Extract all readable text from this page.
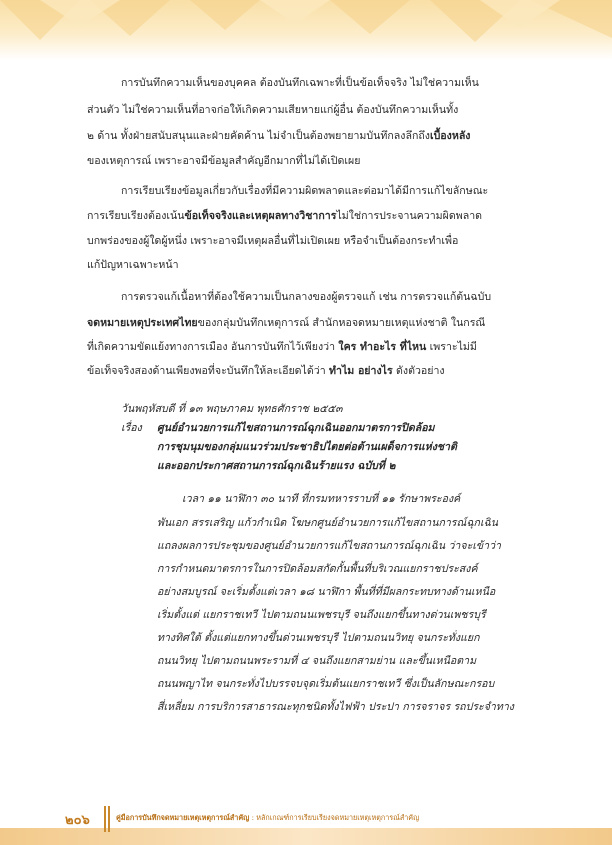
การบันทึกความเห็นของบุคคล ต้องบันทึกเฉพาะที่เป็นข้อเท็จจริง ไม่ใช่ความเห็น
ส่วนตัว ไม่ใช่ความเห็นที่อาจก่อให้เกิดความเสียหายแก่ผู้อื่น ต้องบันทึกความเห็นทั้ง
๒ ด้าน ทั้งฝ่ายสนับสนุนและฝ่ายคัดค้าน ไม่จำเป็นต้องพยายามบันทึกลงลึกถึงเบื้องหลัง
ของเหตุการณ์ เพราะอาจมีข้อมูลสำคัญอีกมากที่ไม่ได้เปิดเผย
การเรียบเรียงข้อมูลเกี่ยวกับเรื่องที่มีความผิดพลาดและต่อมาได้มีการแก้ไขลักษณะ
การเรียบเรียงต้องเน้นข้อเท็จจริงและเหตุผลทางวิชาการไม่ใช่การประจานความผิดพลาด
บกพร่องของผู้ใดผู้หนึ่ง เพราะอาจมีเหตุผลอื่นที่ไม่เปิดเผย หรือจำเป็นต้องกระทำเพื่อ
แก้ปัญหาเฉพาะหน้า
การตรวจแก้เนื้อหาที่ต้องใช้ความเป็นกลางของผู้ตรวจแก้ เช่น การตรวจแก้ต้นฉบับ
จดหมายเหตุประเทศไทยของกลุ่มบันทึกเหตุการณ์ สำนักหอจดหมายเหตุแห่งชาติ ในกรณี
ที่เกิดความขัดแย้งทางการเมือง อันการบันทึกไว้เพียงว่า ใคร ทำอะไร ที่ไหน เพราะไม่มี
ข้อเท็จจริงสองด้านเพียงพอที่จะบันทึกให้ละเอียดได้ว่า ทำไม อย่างไร ดังตัวอย่าง
วันพฤหัสบดี ที่ ๑๓ พฤษภาคม พุทธศักราช ๒๕๕๓
เรื่อง ศูนย์อำนวยการแก้ไขสถานการณ์ฉุกเฉินออกมาตรการปิดล้อม
การชุมนุมของกลุ่มแนวร่วมประชาธิปไตยต่อต้านเผด็จการแห่งชาติ
และออกประกาศสถานการณ์ฉุกเฉินร้ายแรง ฉบับที่ ๒
เวลา ๑๑ นาฬิกา ๓๐ นาที ที่กรมทหารราบที่ ๑๑ รักษาพระองค์
พันเอก สรรเสริญ แก้วกำเนิด โฆษกศูนย์อำนวยการแก้ไขสถานการณ์ฉุกเฉิน
แถลงผลการประชุมของศูนย์อำนวยการแก้ไขสถานการณ์ฉุกเฉิน ว่าจะเข้าว่า
การกำหนดมาตรการในการปิดล้อมสกัดกั้นพื้นที่บริเวณแยกราชประสงค์
อย่างสมบูรณ์ จะเริ่มตั้งแต่เวลา ๑๘ นาฬิกา พื้นที่ที่มีผลกระทบทางด้านเหนือ
เริ่มตั้งแต่ แยกราชเทวี ไปตามถนนเพชรบุรี จนถึงแยกขึ้นทางด่วนเพชรบุรี
ทางทิศใต้ ตั้งแต่แยกทางขึ้นด่วนเพชรบุรี ไปตามถนนวิทยุ จนกระทั่งแยก
ถนนวิทยุ ไปตามถนนพระรามที่ ๔ จนถึงแยกสามย่าน และขึ้นเหนือตาม
ถนนพญาไท จนกระทั่งไปบรรจบจุดเริ่มต้นแยกราชเทวี ซึ่งเป็นลักษณะกรอบ
สี่เหลี่ยม การบริการสาธารณะทุกชนิดทั้งไฟฟ้า ประปา การจราจร รถประจำทาง
๒๐๖	คู่มือการบันทึกจดหมายเหตุเหตุการณ์สำคัญ : หลักเกณฑ์การเรียบเรียงจดหมายเหตุเหตุการณ์สำคัญ
